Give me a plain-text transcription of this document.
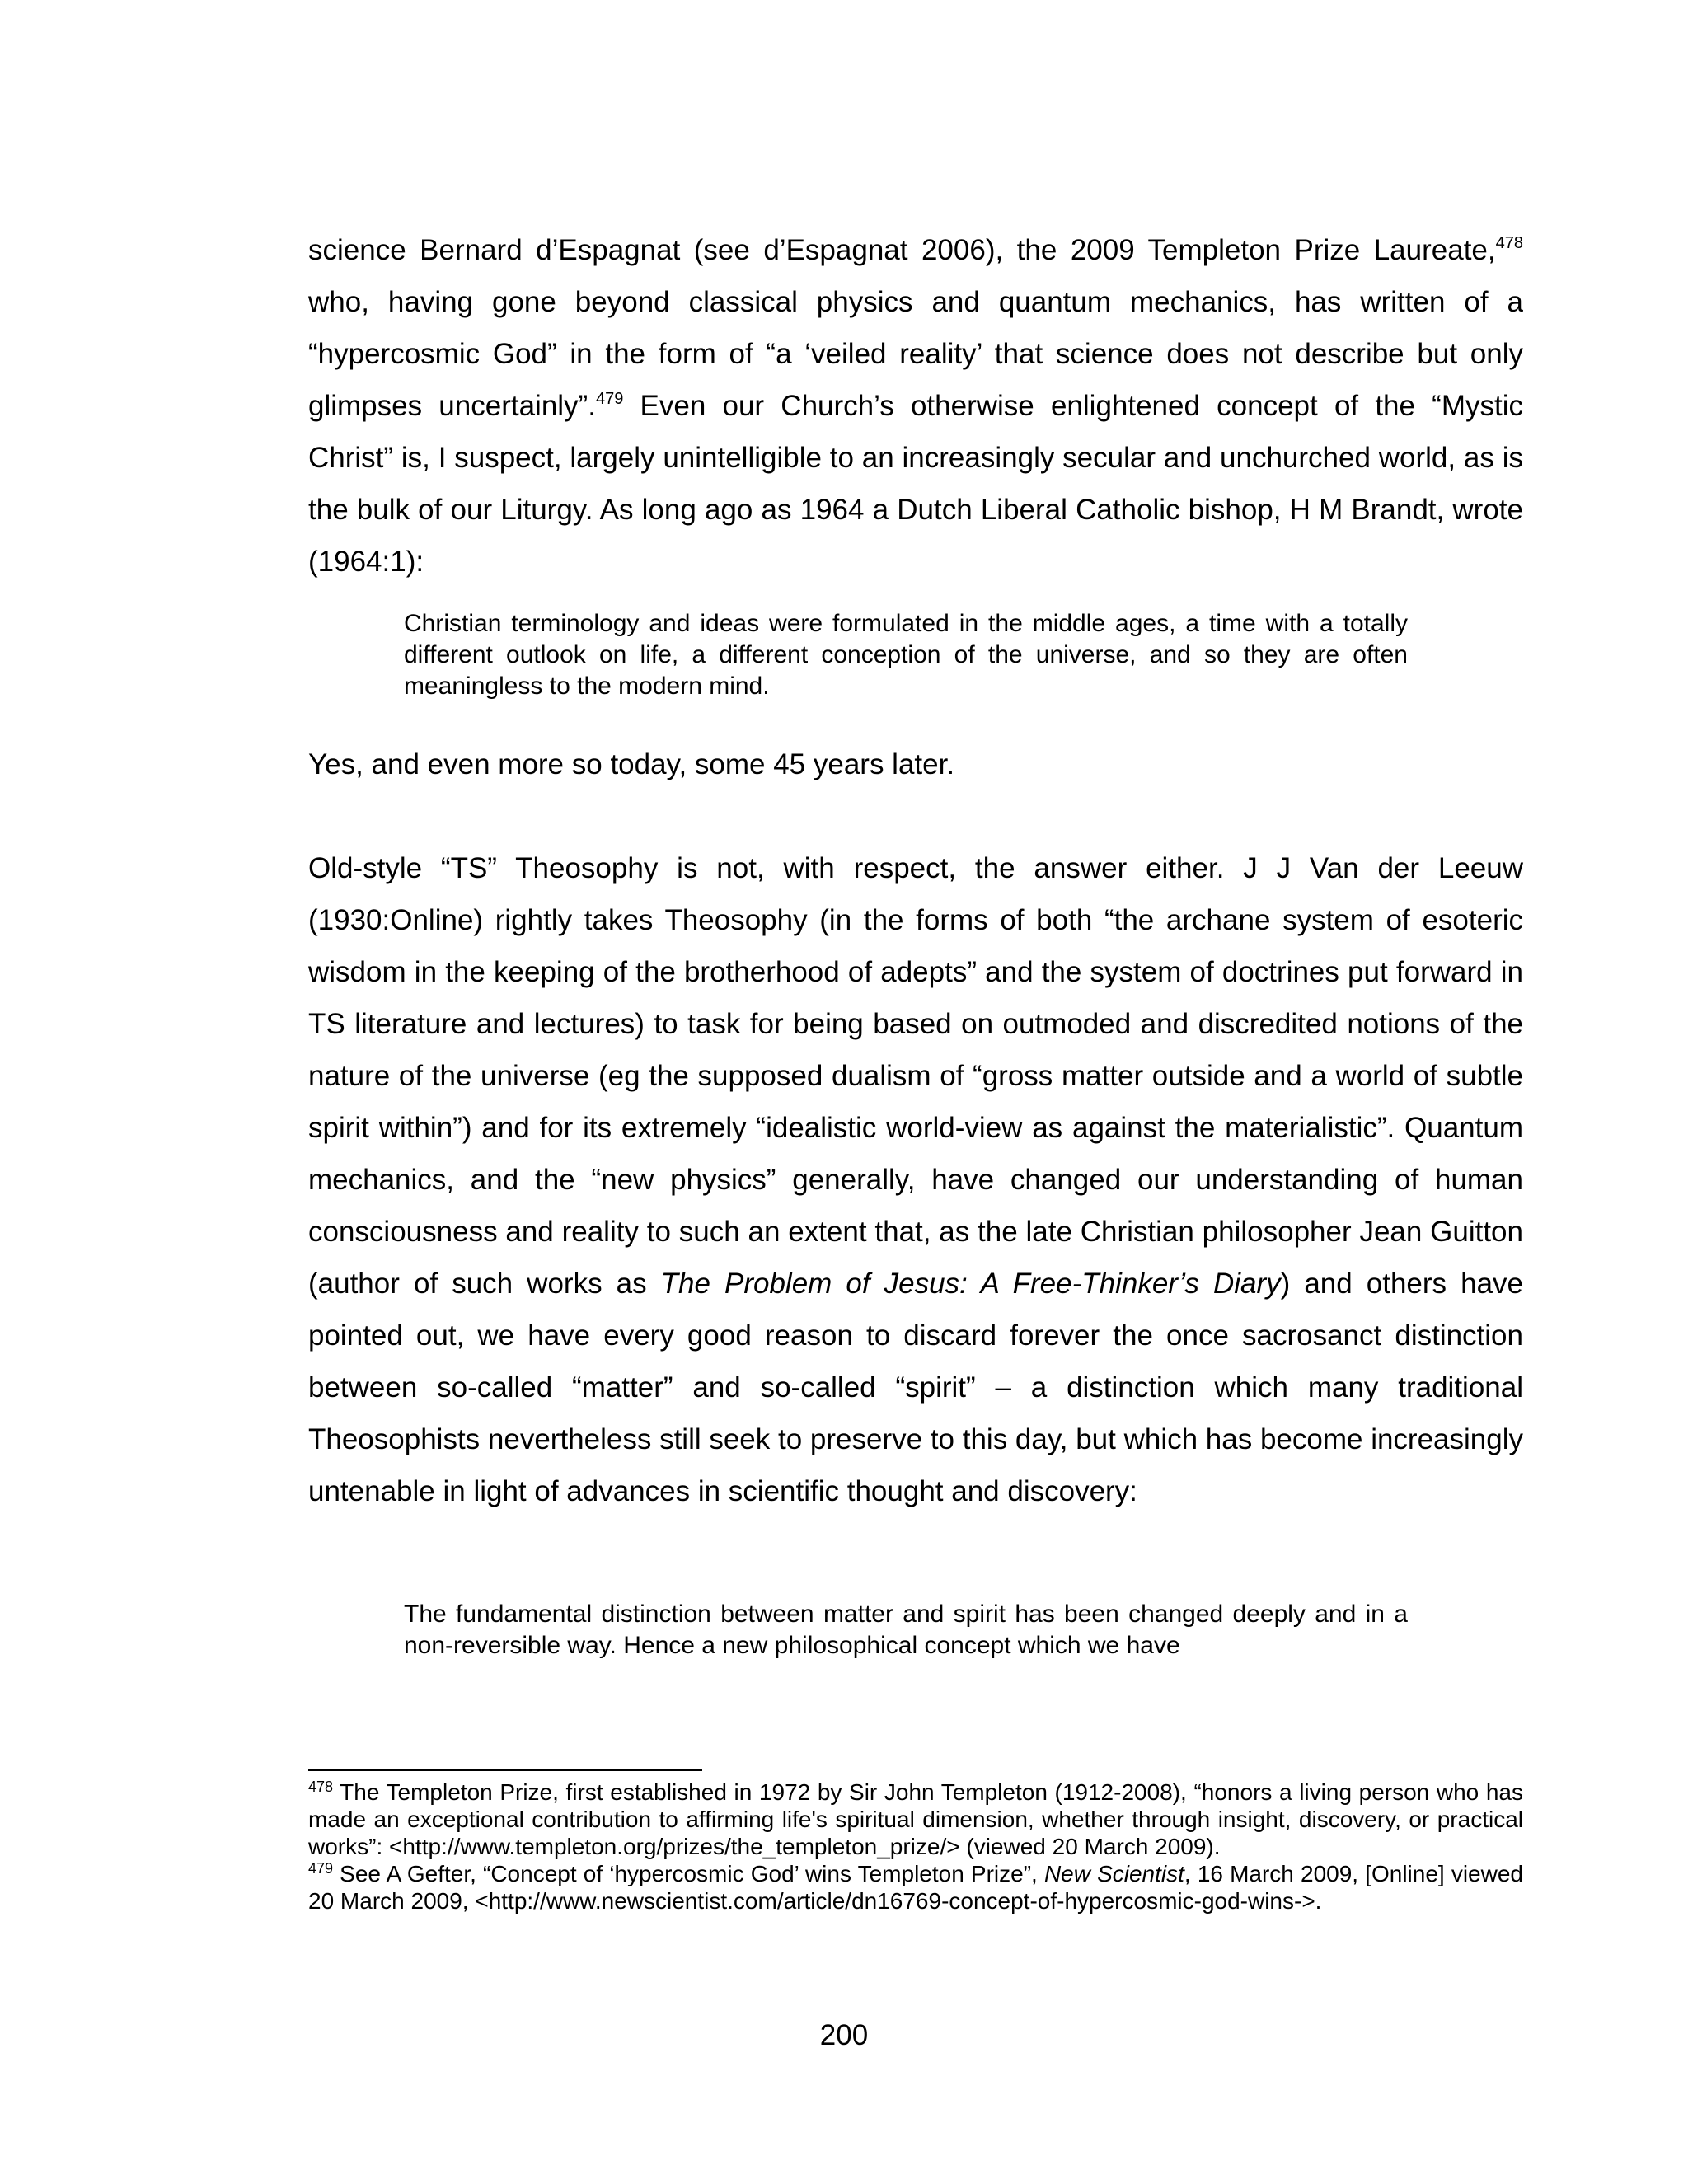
science Bernard d’Espagnat (see d’Espagnat 2006), the 2009 Templeton Prize Laureate,$^{478}$ who, having gone beyond classical physics and quantum mechanics, has written of a “hypercosmic God” in the form of “a ‘veiled reality’ that science does not describe but only glimpses uncertainly”.$^{479}$ Even our Church’s otherwise enlightened concept of the “Mystic Christ” is, I suspect, largely unintelligible to an increasingly secular and unchurched world, as is the bulk of our Liturgy. As long ago as 1964 a Dutch Liberal Catholic bishop, H M Brandt, wrote (1964:1):

Christian terminology and ideas were formulated in the middle ages, a time with a totally different outlook on life, a different conception of the universe, and so they are often meaningless to the modern mind.

Yes, and even more so today, some 45 years later.

Old-style “TS” Theosophy is not, with respect, the answer either. J J Van der Leeuw (1930:Online) rightly takes Theosophy (in the forms of both “the archane system of esoteric wisdom in the keeping of the brotherhood of adepts” and the system of doctrines put forward in TS literature and lectures) to task for being based on outmoded and discredited notions of the nature of the universe (eg the supposed dualism of “gross matter outside and a world of subtle spirit within”) and for its extremely “idealistic world-view as against the materialistic”. Quantum mechanics, and the “new physics” generally, have changed our understanding of human consciousness and reality to such an extent that, as the late Christian philosopher Jean Guitton (author of such works as The Problem of Jesus: A Free-Thinker’s Diary) and others have pointed out, we have every good reason to discard forever the once sacrosanct distinction between so-called “matter” and so-called “spirit” – a distinction which many traditional Theosophists nevertheless still seek to preserve to this day, but which has become increasingly untenable in light of advances in scientific thought and discovery:

The fundamental distinction between matter and spirit has been changed deeply and in a non-reversible way. Hence a new philosophical concept which we have

$^{478}$ The Templeton Prize, first established in 1972 by Sir John Templeton (1912-2008), “honors a living person who has made an exceptional contribution to affirming life's spiritual dimension, whether through insight, discovery, or practical works”: <http://www.templeton.org/prizes/the_templeton_prize/> (viewed 20 March 2009).

$^{479}$ See A Gefter, “Concept of ‘hypercosmic God’ wins Templeton Prize”, New Scientist, 16 March 2009, [Online] viewed 20 March 2009, <http://www.newscientist.com/article/dn16769-concept-of-hypercosmic-god-wins->.

200
